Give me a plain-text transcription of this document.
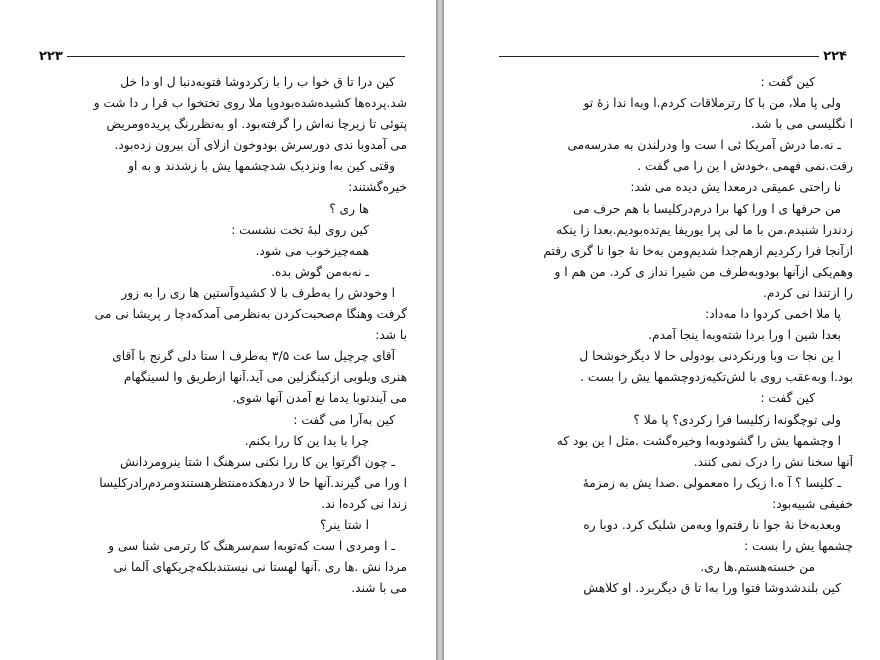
۲۲۳
کین درا تا ق خوا ب را با زکردوشا فتوبه‌دنبا ل او دا خل
شد.پرده‌ها کشیده‌شده‌بودوپا ملا روی تختخوا ب قرا ر دا شت و
پتوئی تا زیرچا نه‌اش را گرفته‌بود. او به‌نظررنگ پریده‌ومریض
می آمدوبا ندی دورسرش بودوخون ازلای آن بیرون زده‌بود.
وقتی کین به‌ا ونزدیک شدچشمها یش با زشدند و به او
خیره‌گشتند:
ها ری ؟
کین روی لبه‌ٔ تخت نشست :
همه‌چیزخوب می شود.
ـ نه‌به‌من گوش بده.
ا وخودش را به‌طرف با لا کشیدوآستین ها ری را به زور
گرفت وهنگا م‌صحبت‌کردن به‌نظرمی آمدکه‌دچا ر پریشا نی می
با شد:
آقای چرچیل سا عت ۳/۵ به‌طرف ا ستا دلی گرنج با آقای
هنری ویلوبی ازکینگزلین می آید.آنها ازطریق وا لسینگهام
می آیندتوبا یدما نع آمدن آنها شوی.
کین به‌آرا می گفت :
چرا با یدا ین کا ررا بکنم.
ـ چون اگرتوا ین کا ررا نکنی سرهنگ ا شتا ینرومردانش
ا ورا می گیرند.آنها حا لا دردهکده‌منتظرهستندومردم‌رادرکلیسا
زندا نی کرده‌ا ند.
ا شتا ینر؟
ـ ا ومردی ا ست که‌توبه‌ا سم‌سرهنگ کا رترمی شنا سی و
مردا نش .ها ری .آنها لهستا نی نیستندبلکه‌چریکهای آلما نی
می با شند.
۲۲۴
کین گفت :
ولی پا ملا، من با کا رترملاقات کردم.ا وبه‌ا ندا زهٔ تو
ا نگلیسی می با شد.
ـ نه.ما درش آمریکا ئی ا ست وا ودرلندن به مدرسه‌می
رفت.نمی فهمی ،خودش ا ین را می گفت .
نا راحتی عمیقی درمعدا یش دیده می شد:
من حرفها ی ا ورا کها برا درم‌درکلیسا با هم حرف می
زدندرا شنیدم.من با ما لی پرا یوریفا یم‌تده‌بودیم.بعدا زا ینکه
ازآنجا فرا رکردیم ازهم‌جدا شدیم‌ومن به‌خا نهٔ جوا نا گری رفتم
وهم‌یکی ازآنها بودوبه‌طرف من شیرا نداز ی کرد. من هم ا و
را ازتندا نی کردم.
پا ملا اخمی کردوا دا مه‌داد:
بعدا شین ا ورا بردا شته‌وبه‌ا ینجا آمدم.
ا ین نجا ت وبا ورنکردنی بودولی حا لا دیگرخوشحا ل
بود.ا وبه‌عقب روی با لش‌تکیه‌زدوچشمها یش را بست .
کین گفت :
ولی توچگونه‌ا زکلیسا فرا رکردی؟ پا ملا ؟
ا وچشمها یش را گشودوبه‌ا وخیره‌گشت .مثل ا ین بود که
آنها سخنا نش را درک نمی کنند.
ـ کلیسا ؟ آ ه.ا زیک را ه‌معمولی .صدا یش به زمزمهٔ
خفیفی شبیه‌بود:
وبعدبه‌خا نهٔ جوا نا رفتم‌وا وبه‌من شلیک کرد. دوبا ره
چشمها یش را بست :
من خسته‌هستم.ها ری.
کین بلندشدوشا فتوا ورا به‌ا تا ق دیگربرد. او کلاهش
